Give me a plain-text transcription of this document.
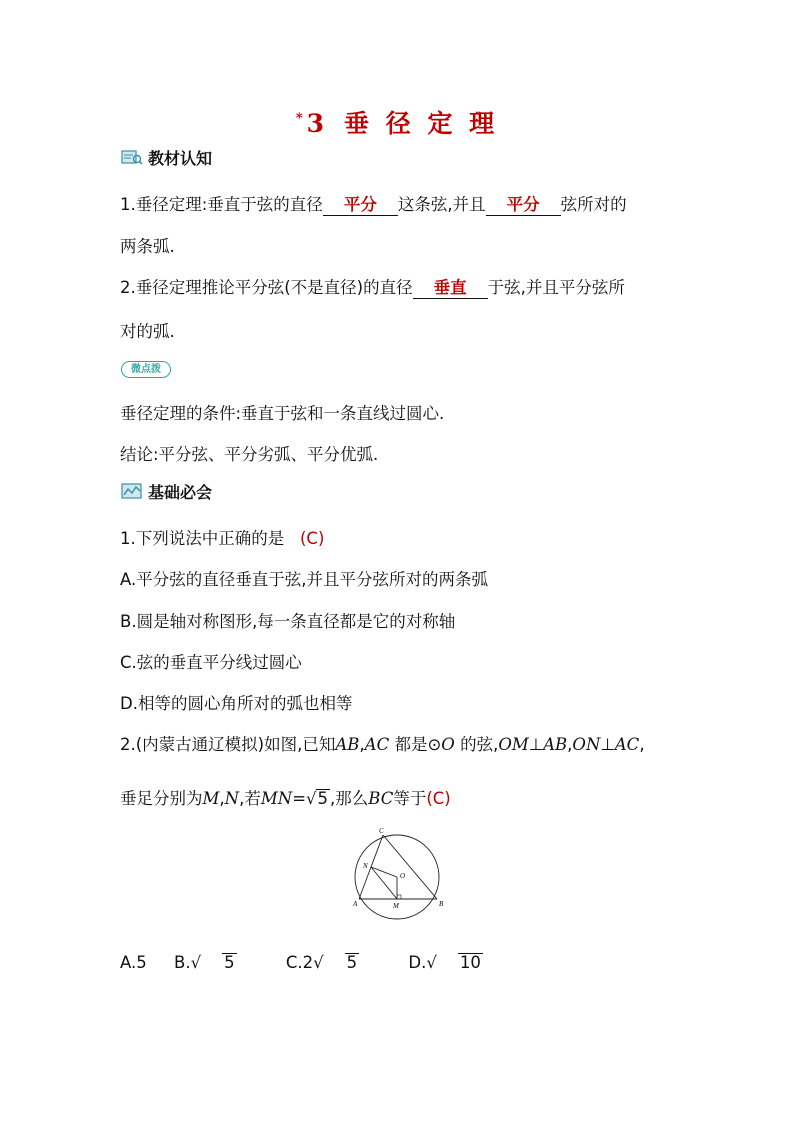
*3 垂 径 定 理
教材认知
1.垂径定理:垂直于弦的直径 平分 这条弦,并且 平分 弦所对的
两条弧.
2.垂径定理推论平分弦(不是直径)的直径 垂直 于弦,并且平分弦所
对的弧.
微点拨
垂径定理的条件:垂直于弦和一条直线过圆心.
结论:平分弦、平分劣弧、平分优弧.
基础必会
1.下列说法中正确的是 (C)
A.平分弦的直径垂直于弦,并且平分弦所对的两条弧
B.圆是轴对称图形,每一条直径都是它的对称轴
C.弦的垂直平分线过圆心
D.相等的圆心角所对的弧也相等
2.(内蒙古通辽模拟)如图,已知AB,AC 都是⊙O 的弦,OM⊥AB,ON⊥AC,
垂足分别为M,N,若MN=√5 ,那么BC等于(C)
C
N
O
A	M	B
A.5 B.√ 5	C.2√ 5	D.√ 10
